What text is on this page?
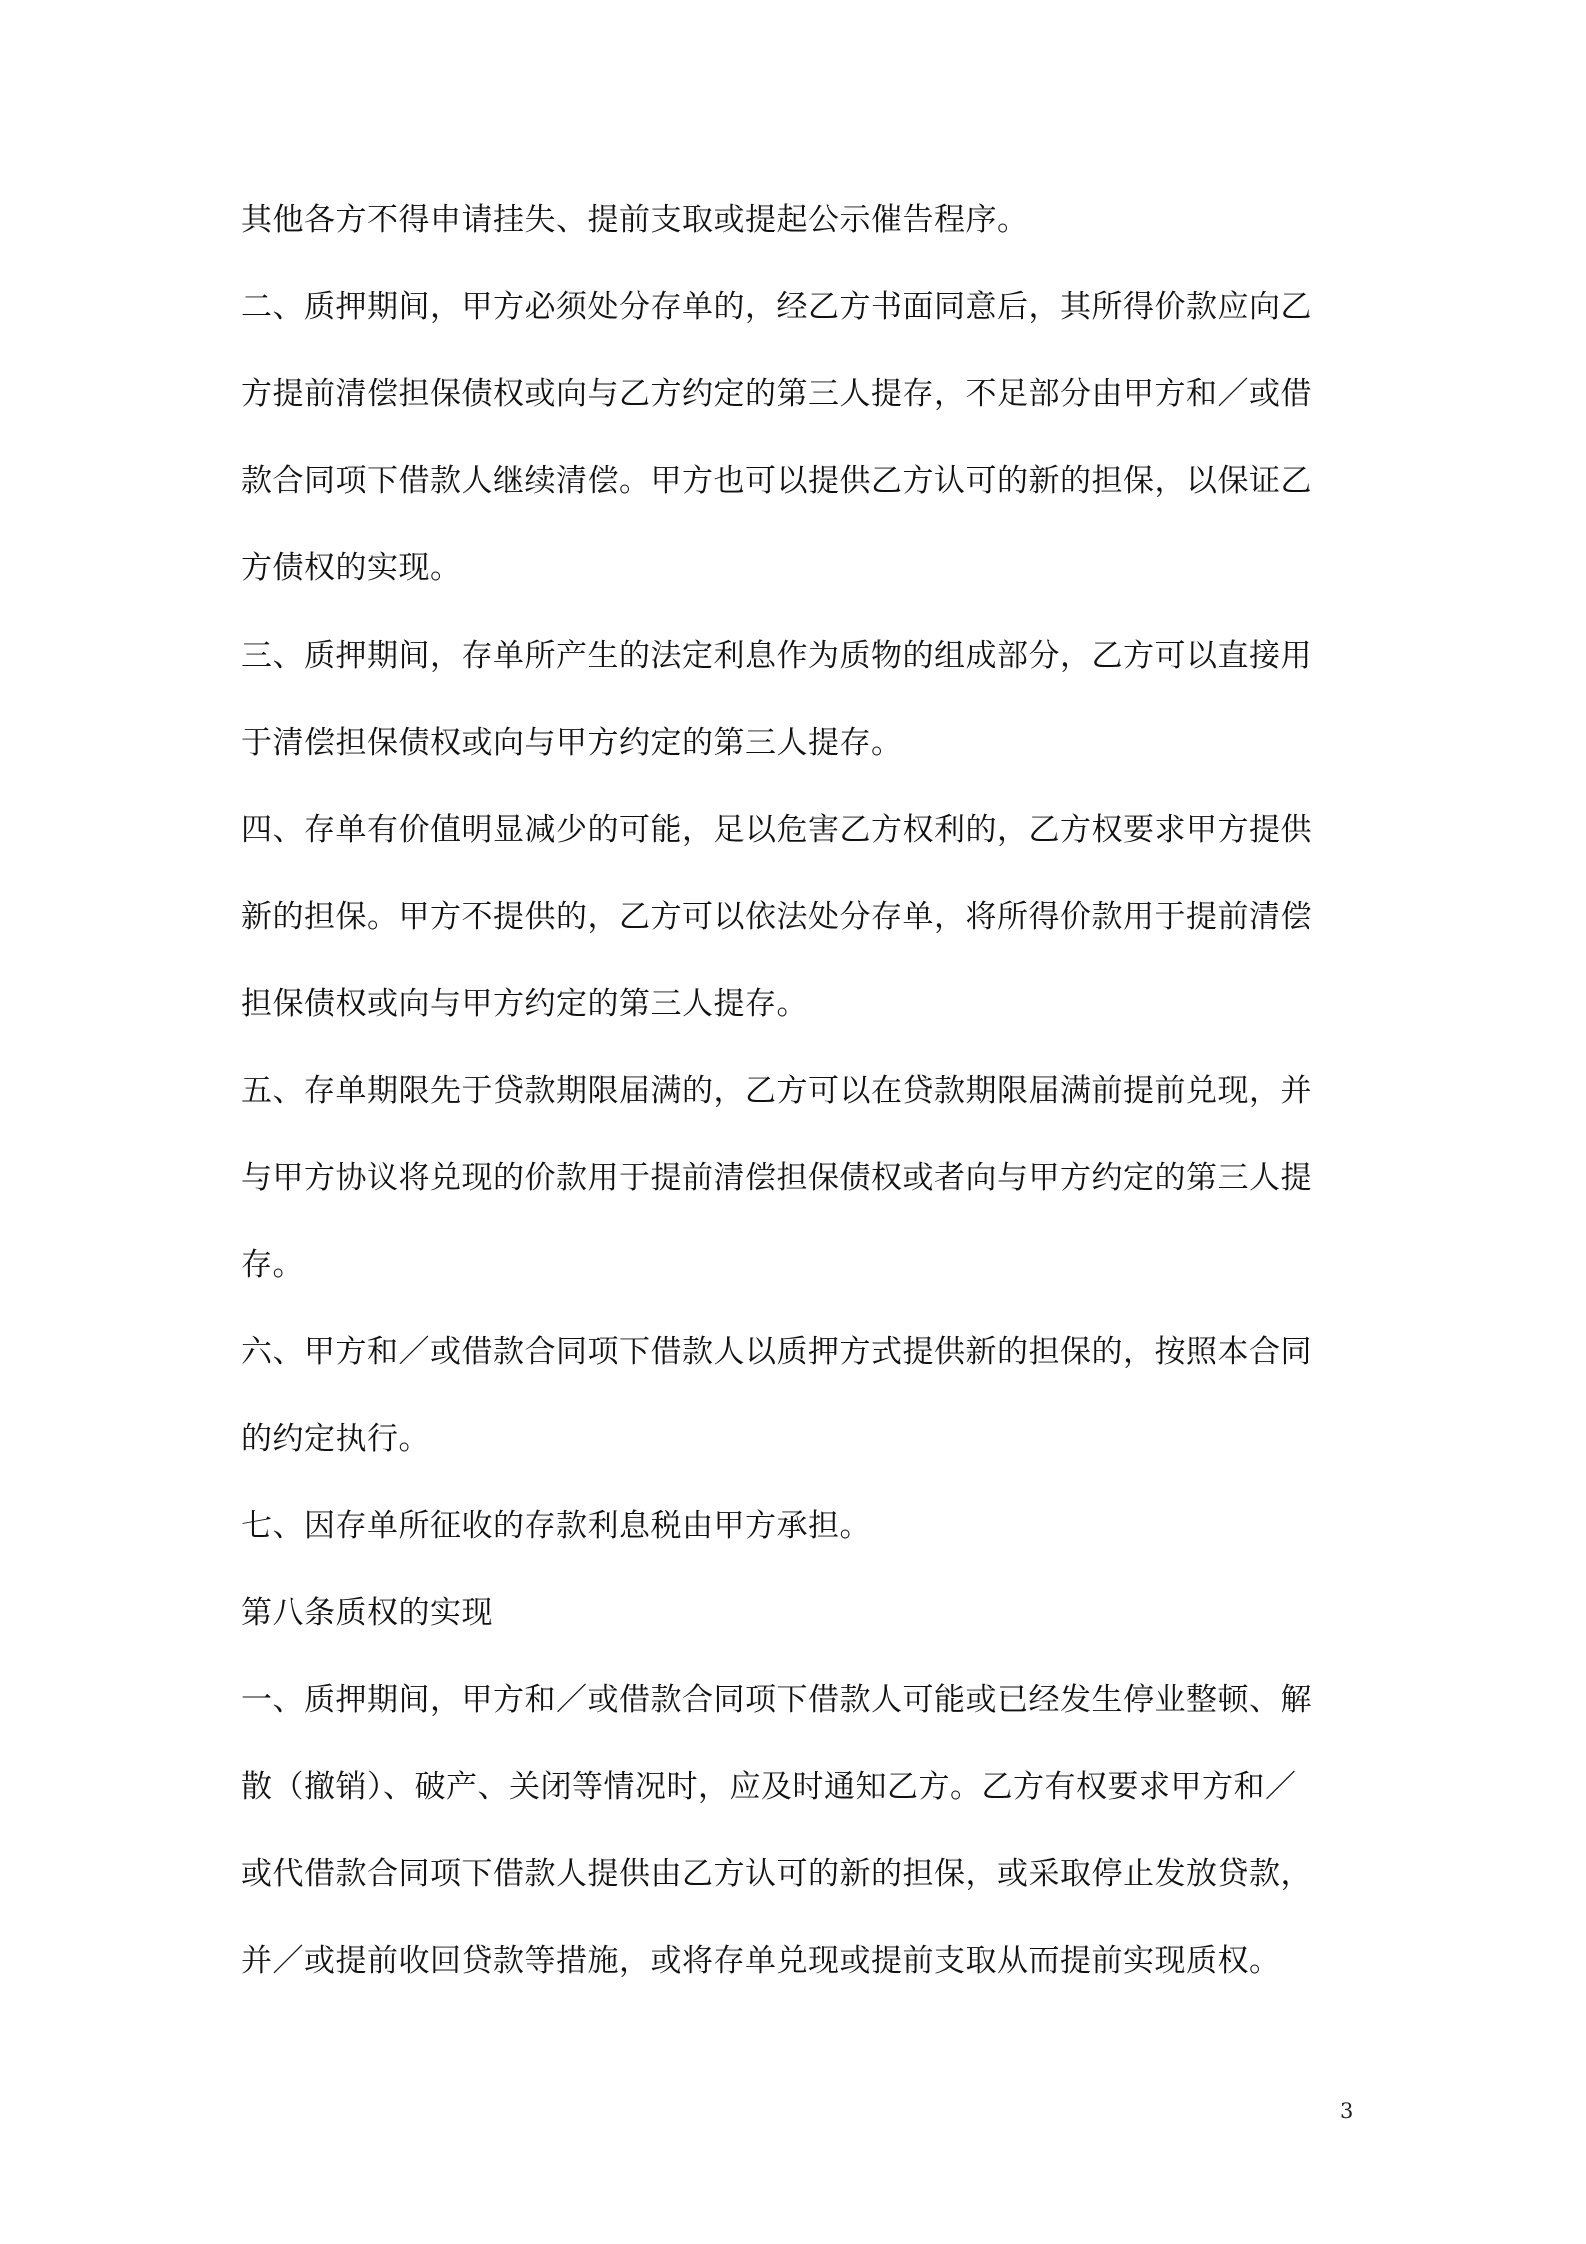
其他各方不得申请挂失、提前支取或提起公示催告程序。
二、质押期间，甲方必须处分存单的，经乙方书面同意后，其所得价款应向乙
方提前清偿担保债权或向与乙方约定的第三人提存，不足部分由甲方和／或借
款合同项下借款人继续清偿。甲方也可以提供乙方认可的新的担保，以保证乙
方债权的实现。
三、质押期间，存单所产生的法定利息作为质物的组成部分，乙方可以直接用
于清偿担保债权或向与甲方约定的第三人提存。
四、存单有价值明显减少的可能，足以危害乙方权利的，乙方权要求甲方提供
新的担保。甲方不提供的，乙方可以依法处分存单，将所得价款用于提前清偿
担保债权或向与甲方约定的第三人提存。
五、存单期限先于贷款期限届满的，乙方可以在贷款期限届满前提前兑现，并
与甲方协议将兑现的价款用于提前清偿担保债权或者向与甲方约定的第三人提
存。
六、甲方和／或借款合同项下借款人以质押方式提供新的担保的，按照本合同
的约定执行。
七、因存单所征收的存款利息税由甲方承担。
第八条质权的实现
一、质押期间，甲方和／或借款合同项下借款人可能或已经发生停业整顿、解
散（撤销）、破产、关闭等情况时，应及时通知乙方。乙方有权要求甲方和／
或代借款合同项下借款人提供由乙方认可的新的担保，或采取停止发放贷款，
并／或提前收回贷款等措施，或将存单兑现或提前支取从而提前实现质权。
3
